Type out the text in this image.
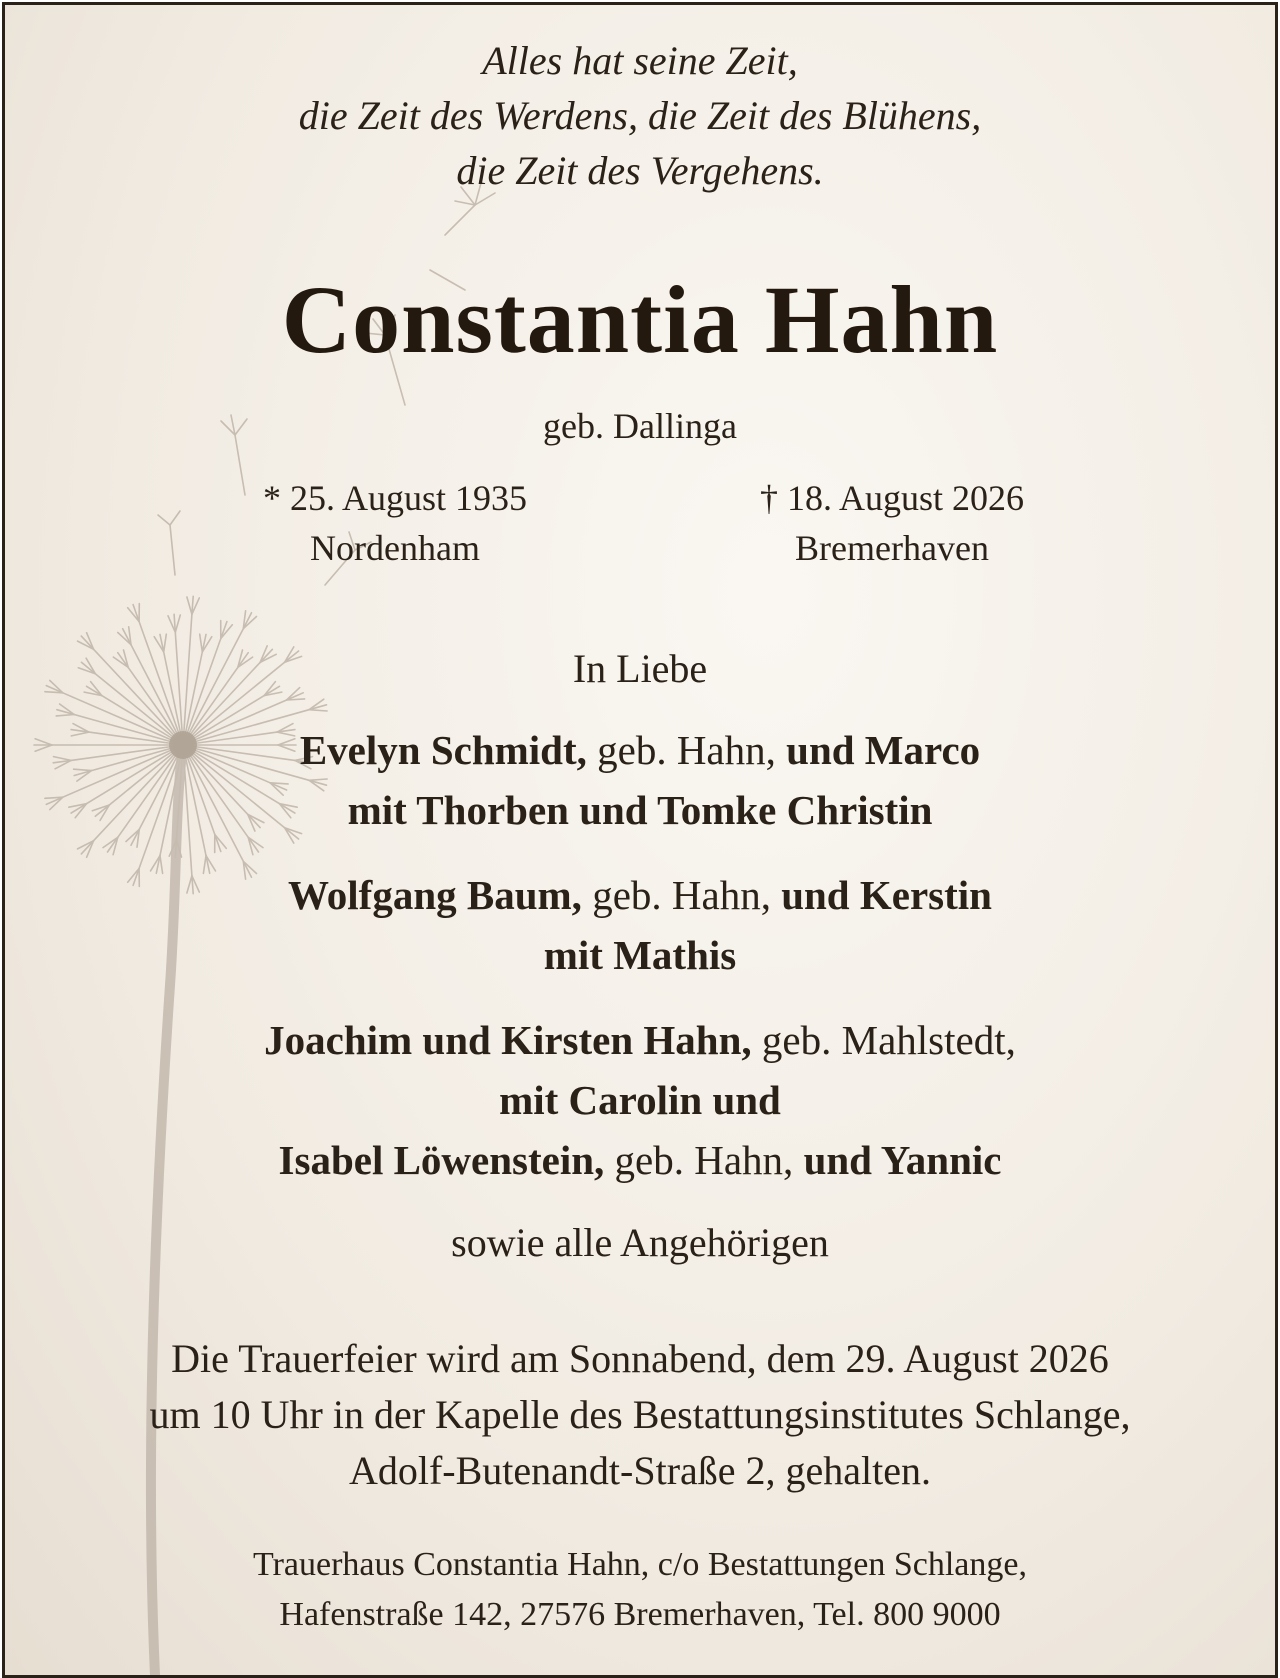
Alles hat seine Zeit,
die Zeit des Werdens, die Zeit des Blühens,
die Zeit des Vergehens.
Constantia Hahn
geb. Dallinga
* 25. August 1935
Nordenham
† 18. August 2026
Bremerhaven
In Liebe
Evelyn Schmidt, geb. Hahn, und Marco
mit Thorben und Tomke Christin
Wolfgang Baum, geb. Hahn, und Kerstin
mit Mathis
Joachim und Kirsten Hahn, geb. Mahlstedt,
mit Carolin und
Isabel Löwenstein, geb. Hahn, und Yannic
sowie alle Angehörigen
Die Trauerfeier wird am Sonnabend, dem 29. August 2026
um 10 Uhr in der Kapelle des Bestattungsinstitutes Schlange,
Adolf-Butenandt-Straße 2, gehalten.
Trauerhaus Constantia Hahn, c/o Bestattungen Schlange,
Hafenstraße 142, 27576 Bremerhaven, Tel. 800 9000
